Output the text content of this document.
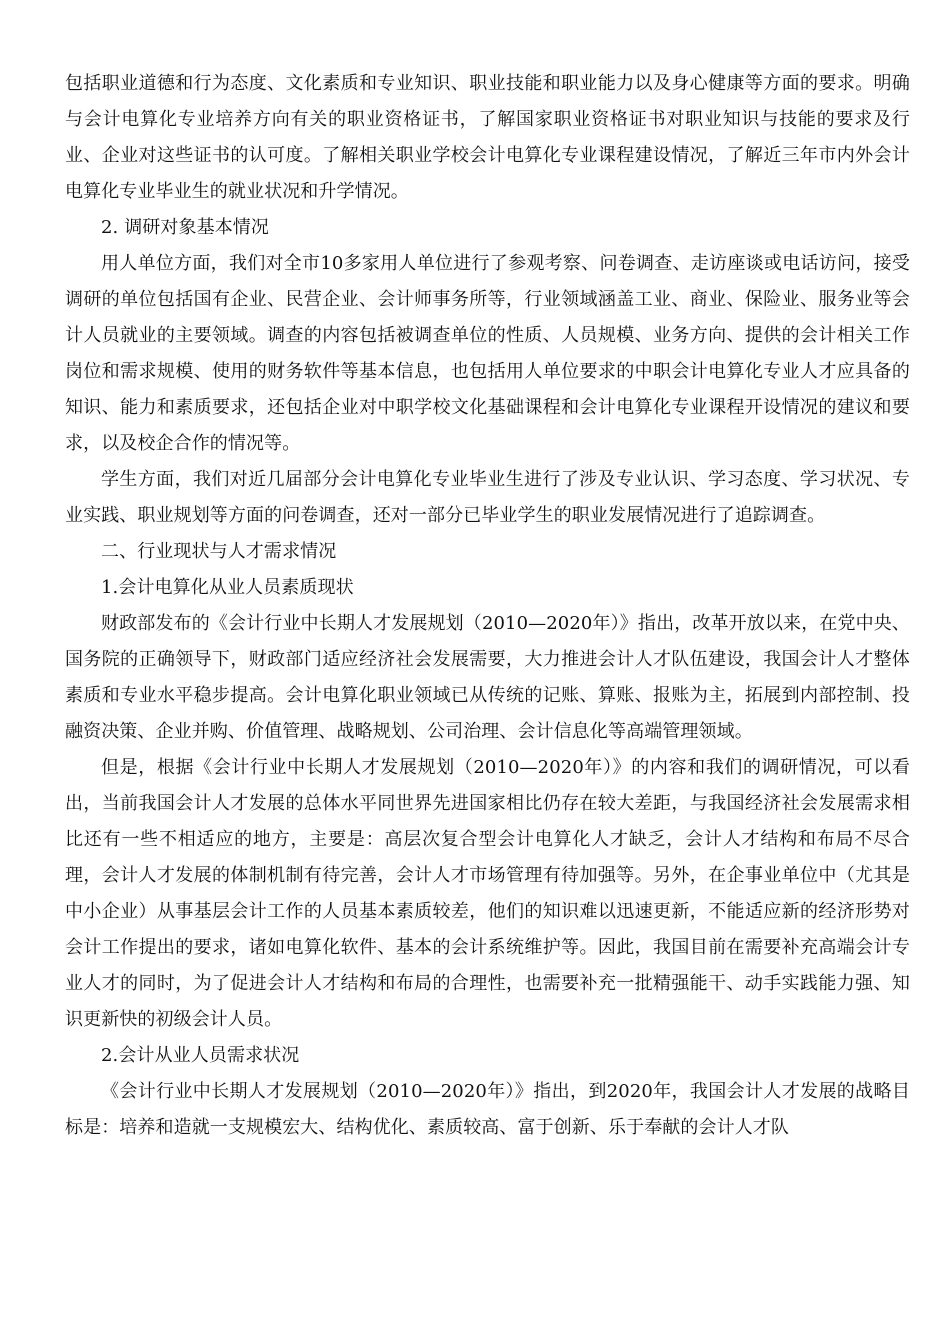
包括职业道德和行为态度、文化素质和专业知识、职业技能和职业能力以及身心健康等方面的要求。明确与会计电算化专业培养方向有关的职业资格证书，了解国家职业资格证书对职业知识与技能的要求及行业、企业对这些证书的认可度。了解相关职业学校会计电算化专业课程建设情况，了解近三年市内外会计电算化专业毕业生的就业状况和升学情况。

2. 调研对象基本情况

用人单位方面，我们对全市10多家用人单位进行了参观考察、问卷调查、走访座谈或电话访问，接受调研的单位包括国有企业、民营企业、会计师事务所等，行业领域涵盖工业、商业、保险业、服务业等会计人员就业的主要领域。调查的内容包括被调查单位的性质、人员规模、业务方向、提供的会计相关工作岗位和需求规模、使用的财务软件等基本信息，也包括用人单位要求的中职会计电算化专业人才应具备的知识、能力和素质要求，还包括企业对中职学校文化基础课程和会计电算化专业课程开设情况的建议和要求，以及校企合作的情况等。

学生方面，我们对近几届部分会计电算化专业毕业生进行了涉及专业认识、学习态度、学习状况、专业实践、职业规划等方面的问卷调查，还对一部分已毕业学生的职业发展情况进行了追踪调查。

二、行业现状与人才需求情况

1.会计电算化从业人员素质现状

财政部发布的《会计行业中长期人才发展规划（2010—2020年）》指出，改革开放以来，在党中央、国务院的正确领导下，财政部门适应经济社会发展需要，大力推进会计人才队伍建设，我国会计人才整体素质和专业水平稳步提高。会计电算化职业领域已从传统的记账、算账、报账为主，拓展到内部控制、投融资决策、企业并购、价值管理、战略规划、公司治理、会计信息化等高端管理领域。

但是，根据《会计行业中长期人才发展规划（2010—2020年）》的内容和我们的调研情况，可以看出，当前我国会计人才发展的总体水平同世界先进国家相比仍存在较大差距，与我国经济社会发展需求相比还有一些不相适应的地方，主要是：高层次复合型会计电算化人才缺乏，会计人才结构和布局不尽合理，会计人才发展的体制机制有待完善，会计人才市场管理有待加强等。另外，在企事业单位中（尤其是中小企业）从事基层会计工作的人员基本素质较差，他们的知识难以迅速更新，不能适应新的经济形势对会计工作提出的要求，诸如电算化软件、基本的会计系统维护等。因此，我国目前在需要补充高端会计专业人才的同时，为了促进会计人才结构和布局的合理性，也需要补充一批精强能干、动手实践能力强、知识更新快的初级会计人员。

2.会计从业人员需求状况

《会计行业中长期人才发展规划（2010—2020年）》指出，到2020年，我国会计人才发展的战略目标是：培养和造就一支规模宏大、结构优化、素质较高、富于创新、乐于奉献的会计人才队
